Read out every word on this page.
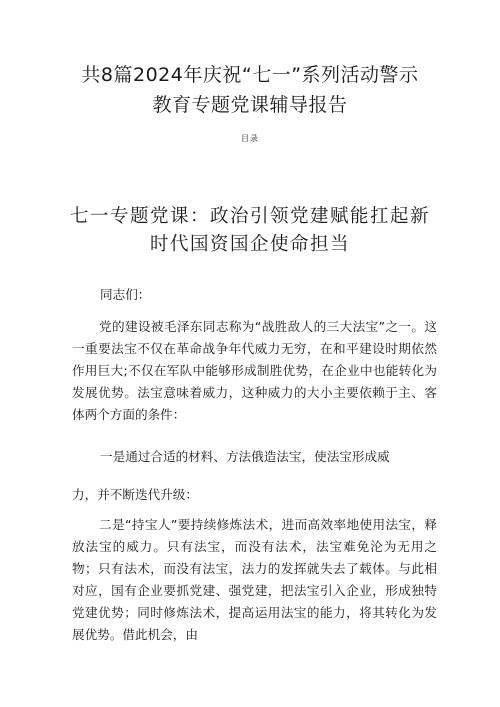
共8篇2024年庆祝“七一”系列活动警示
教育专题党课辅导报告
目录
七一专题党课：政治引领党建赋能扛起新
时代国资国企使命担当
同志们：

党的建设被毛泽东同志称为“战胜敌人的三大法宝”之一。这一重要法宝不仅在革命战争年代威力无穷，在和平建设时期依然作用巨大;不仅在军队中能够形成制胜优势，在企业中也能转化为发展优势。法宝意味着威力，这种威力的大小主要依赖于主、客体两个方面的条件：

一是通过合适的材料、方法俄造法宝，使法宝形成威
力，并不断迭代升级：

二是“持宝人”要持续修炼法术，进而高效率地使用法宝，释放法宝的威力。只有法宝，而没有法术，法宝难免沦为无用之物；只有法术，而没有法宝，法力的发挥就失去了载体。与此相对应，国有企业要抓党建、强党建，把法宝引入企业，形成独特党建优势；同时修炼法术，提高运用法宝的能力，将其转化为发展优势。借此机会，由
